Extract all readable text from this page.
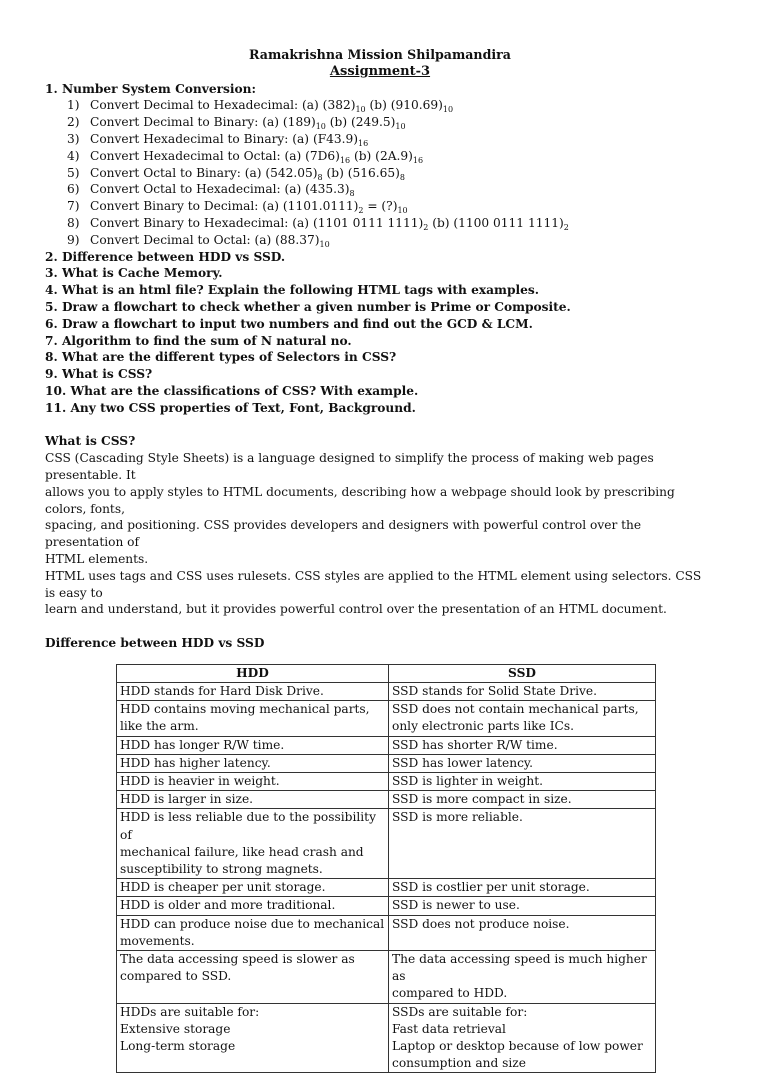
Ramakrishna Mission Shilpamandira
Assignment-3
1. Number System Conversion:
1) Convert Decimal to Hexadecimal: (a) $(382)_{10}$ (b) $(910.69)_{10}$
2) Convert Decimal to Binary: (a) $(189)_{10}$ (b) $(249.5)_{10}$
3) Convert Hexadecimal to Binary: (a) $(F43.9)_{16}$
4) Convert Hexadecimal to Octal: (a) $(7D6)_{16}$ (b) $(2A.9)_{16}$
5) Convert Octal to Binary: (a) $(542.05)_8$ (b) $(516.65)_8$
6) Convert Octal to Hexadecimal: (a) $(435.3)_8$
7) Convert Binary to Decimal: (a) $(1101.0111)_2$ = $(?)_{10}$
8) Convert Binary to Hexadecimal: (a) (1101 0111 $1111)_2$ (b) (1100 0111 $1111)_2$
9) Convert Decimal to Octal: (a) $(88.37)_{10}$
2. Difference between HDD vs SSD.
3. What is Cache Memory.
4. What is an html file? Explain the following HTML tags with examples.
5. Draw a flowchart to check whether a given number is Prime or Composite.
6. Draw a flowchart to input two numbers and find out the GCD & LCM.
7. Algorithm to find the sum of N natural no.
8. What are the different types of Selectors in CSS?
9. What is CSS?
10. What are the classifications of CSS? With example.
11. Any two CSS properties of Text, Font, Background.
What is CSS?

CSS (Cascading Style Sheets) is a language designed to simplify the process of making web pages presentable. It
allows you to apply styles to HTML documents, describing how a webpage should look by prescribing colors, fonts,
spacing, and positioning. CSS provides developers and designers with powerful control over the presentation of
HTML elements.

HTML uses tags and CSS uses rulesets. CSS styles are applied to the HTML element using selectors. CSS is easy to
learn and understand, but it provides powerful control over the presentation of an HTML document.

Difference between HDD vs SSD
HDD	SSD

HDD stands for Hard Disk Drive.	SSD stands for Solid State Drive.

HDD contains moving mechanical parts,
like the arm.	SSD does not contain mechanical parts,
only electronic parts like ICs.

HDD has longer R/W time.	SSD has shorter R/W time.

HDD has higher latency.	SSD has lower latency.

HDD is heavier in weight.	SSD is lighter in weight.

HDD is larger in size.	SSD is more compact in size.

HDD is less reliable due to the possibility of
mechanical failure, like head crash and
susceptibility to strong magnets.	SSD is more reliable.

HDD is cheaper per unit storage.	SSD is costlier per unit storage.

HDD is older and more traditional.	SSD is newer to use.

HDD can produce noise due to mechanical
movements.	SSD does not produce noise.

The data accessing speed is slower as
compared to SSD.	The data accessing speed is much higher as
compared to HDD.

HDDs are suitable for:
Extensive storage
Long-term storage	SSDs are suitable for:
Fast data retrieval
Laptop or desktop because of low power
consumption and size
